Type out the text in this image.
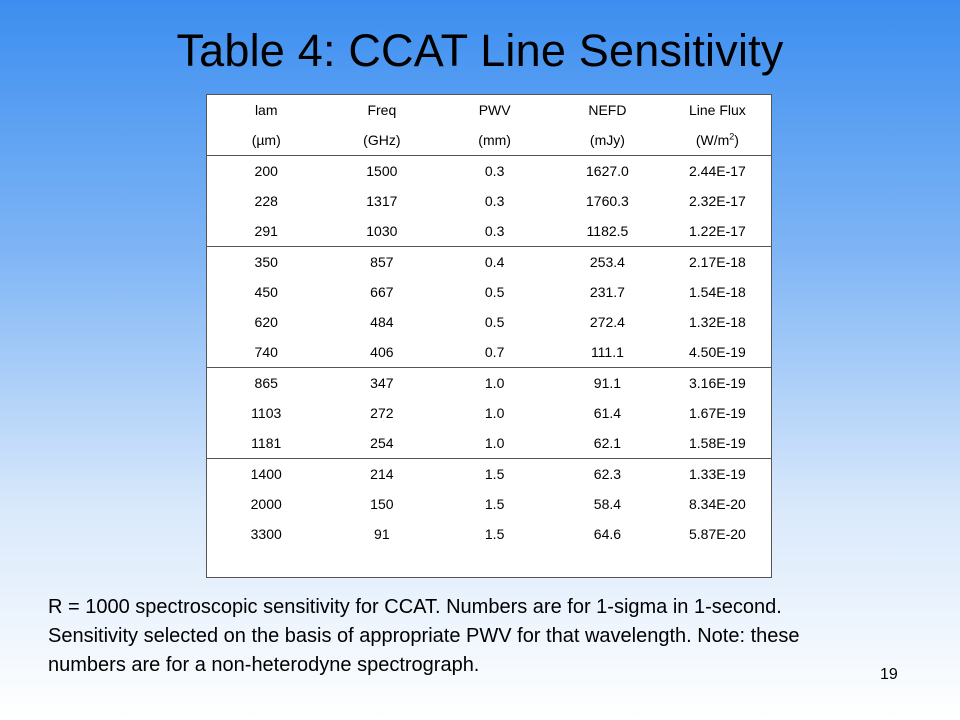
Table 4: CCAT Line Sensitivity
lam	Freq	PWV	NEFD	Line Flux
(µm)	(GHz)	(mm)	(mJy)	$(W/m^2)$
200	1500	0.3	1627.0	2.44E-17
228	1317	0.3	1760.3	2.32E-17
291	1030	0.3	1182.5	1.22E-17
350	857	0.4	253.4	2.17E-18
450	667	0.5	231.7	1.54E-18
620	484	0.5	272.4	1.32E-18
740	406	0.7	111.1	4.50E-19
865	347	1.0	91.1	3.16E-19
1103	272	1.0	61.4	1.67E-19
1181	254	1.0	62.1	1.58E-19
1400	214	1.5	62.3	1.33E-19
2000	150	1.5	58.4	8.34E-20
3300	91	1.5	64.6	5.87E-20
R = 1000 spectroscopic sensitivity for CCAT. Numbers are for 1-sigma in 1-second. Sensitivity selected on the basis of appropriate PWV for that wavelength. Note: these numbers are for a non-heterodyne spectrograph.	19
